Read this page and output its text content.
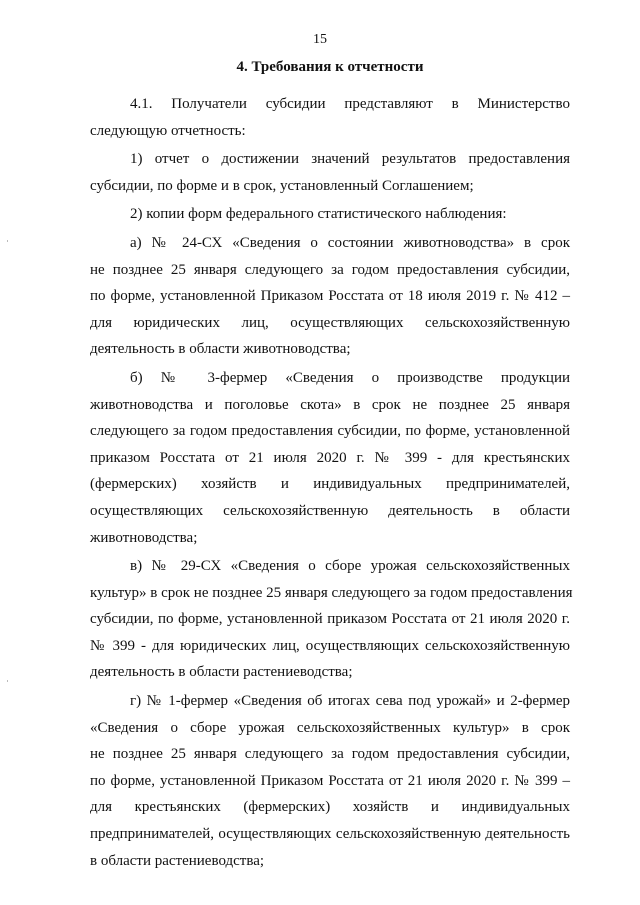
15
4. Требования к отчетности
4.1. Получатели субсидии представляют в Министерство
следующую отчетность:
1) отчет о достижении значений результатов предоставления
субсидии, по форме и в срок, установленный Соглашением;
2) копии форм федерального статистического наблюдения:
а) № 24-СХ «Сведения о состоянии животноводства» в срок
не позднее 25 января следующего за годом предоставления субсидии,
по форме, установленной Приказом Росстата от 18 июля 2019 г. № 412 –
для юридических лиц, осуществляющих сельскохозяйственную
деятельность в области животноводства;
б) № 3-фермер «Сведения о производстве продукции
животноводства и поголовье скота» в срок не позднее 25 января
следующего за годом предоставления субсидии, по форме, установленной
приказом Росстата от 21 июля 2020 г. № 399 - для крестьянских
(фермерских) хозяйств и индивидуальных предпринимателей,
осуществляющих сельскохозяйственную деятельность в области
животноводства;
в) № 29-СХ «Сведения о сборе урожая сельскохозяйственных
культур» в срок не позднее 25 января следующего за годом предоставления
субсидии, по форме, установленной приказом Росстата от 21 июля 2020 г.
№ 399 - для юридических лиц, осуществляющих сельскохозяйственную
деятельность в области растениеводства;
г) № 1-фермер «Сведения об итогах сева под урожай» и 2-фермер
«Сведения о сборе урожая сельскохозяйственных культур» в срок
не позднее 25 января следующего за годом предоставления субсидии,
по форме, установленной Приказом Росстата от 21 июля 2020 г. № 399 –
для крестьянских (фермерских) хозяйств и индивидуальных
предпринимателей, осуществляющих сельскохозяйственную деятельность
в области растениеводства;
